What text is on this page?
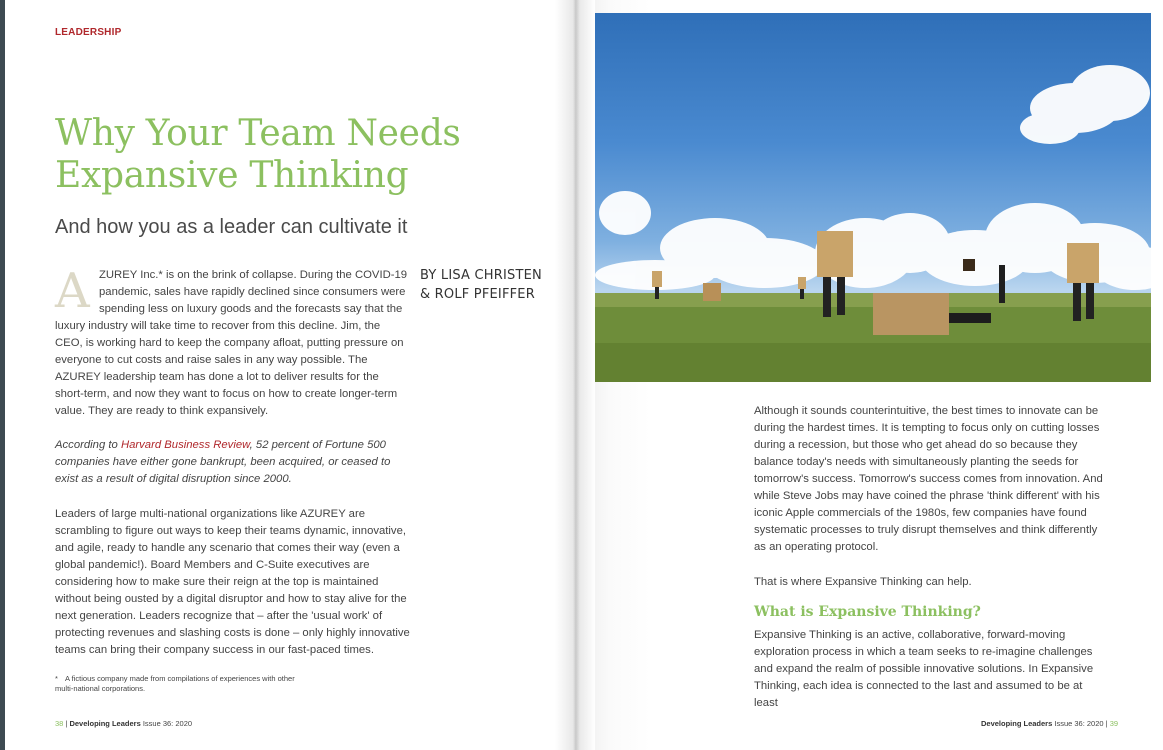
LEADERSHIP
Why Your Team Needs Expansive Thinking
And how you as a leader can cultivate it
BY LISA CHRISTEN
& ROLF PFEIFFER
AZUREY Inc.* is on the brink of collapse. During the COVID-19 pandemic, sales have rapidly declined since consumers were spending less on luxury goods and the forecasts say that the luxury industry will take time to recover from this decline. Jim, the CEO, is working hard to keep the company afloat, putting pressure on everyone to cut costs and raise sales in any way possible. The AZUREY leadership team has done a lot to deliver results for the short-term, and now they want to focus on how to create longer-term value. They are ready to think expansively.
According to Harvard Business Review, 52 percent of Fortune 500 companies have either gone bankrupt, been acquired, or ceased to exist as a result of digital disruption since 2000.
Leaders of large multi-national organizations like AZUREY are scrambling to figure out ways to keep their teams dynamic, innovative, and agile, ready to handle any scenario that comes their way (even a global pandemic!). Board Members and C-Suite executives are considering how to make sure their reign at the top is maintained without being ousted by a digital disruptor and how to stay alive for the next generation. Leaders recognize that – after the 'usual work' of protecting revenues and slashing costs is done – only highly innovative teams can bring their company success in our fast-paced times.
* A fictious company made from compilations of experiences with other multi-national corporations.
38 | Developing Leaders Issue 36: 2020
Although it sounds counterintuitive, the best times to innovate can be during the hardest times. It is tempting to focus only on cutting losses during a recession, but those who get ahead do so because they balance today's needs with simultaneously planting the seeds for tomorrow's success. Tomorrow's success comes from innovation. And while Steve Jobs may have coined the phrase 'think different' with his iconic Apple commercials of the 1980s, few companies have found systematic processes to truly disrupt themselves and think differently as an operating protocol.
That is where Expansive Thinking can help.
What is Expansive Thinking?
Expansive Thinking is an active, collaborative, forward-moving exploration process in which a team seeks to re-imagine challenges and expand the realm of possible innovative solutions. In Expansive Thinking, each idea is connected to the last and assumed to be at least
Developing Leaders Issue 36: 2020 | 39
